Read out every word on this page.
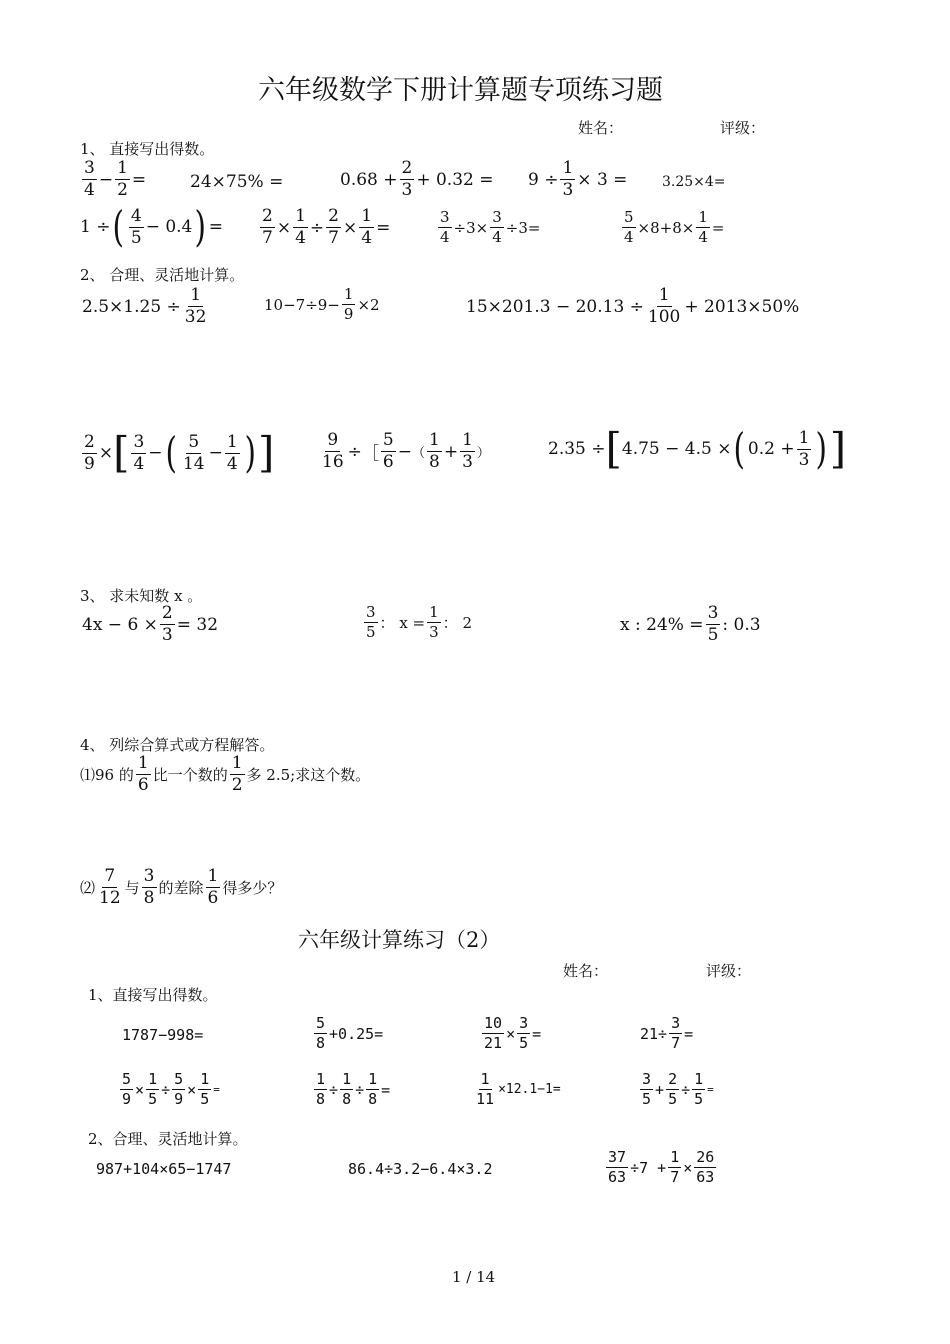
六年级数学下册计算题专项练习题
姓名：	评级：
1、 直接写出得数。
$\frac{3}{4} - \frac{1}{2}$ =	24×75% =	$0.68 + \frac{2}{3} + 0.32 = 9 \div \frac{1}{3} \times 3 = 3.25\times 4=$
1 ÷ ( $\frac{4}{5} - 0.4$ ) = $\frac{2}{7} \times \frac{1}{4} \div \frac{2}{7} \times \frac{1}{4}$ =	$\frac{3}{4} \div 3\times \frac{3}{4} \div 3=$	$\frac{5}{4} \times 8+8\times \frac{1}{4}$ =
2、 合理、灵活地计算。
$2.5\times 1.25 \div \frac{1}{32}$	$10-7\div 9- \frac{1}{9} \times 2$	$15\times 201.3 - 20.13 \div \frac{1}{100} + 2013\times 50\%$
$\frac{2}{9}$ × [ $\frac{3}{4}$ − ( $\frac{5}{14} - \frac{1}{4}$ ) ]	$\frac{9}{16}$ ÷ ［ $\frac{5}{6}$ − （ $\frac{1}{8} + \frac{1}{3}$ ）	2.35 ÷ [ 4.75 − 4.5 × ( $0.2 + \frac{1}{3}$ ) ]
3、 求未知数 x 。
$4x - 6 \times \frac{2}{3} = 32$	$\frac{3}{5}$ ： $x = \frac{1}{3}$ ： 2	x : $24\% = \frac{3}{5}$ : 0.3
4、 列综合算式或方程解答。
⑴96 的 $\frac{1}{6}$ 比一个数的 $\frac{1}{2}$ 多 2.5;求这个数。
⑵ $\frac{7}{12}$ 与 $\frac{3}{8}$ 的差除 $\frac{1}{6}$ 得多少？
六年级计算练习（2）
姓名：	评级：
1、直接写出得数。
1787−998=	$\frac{5}{8} +0.25=$	$\frac{10}{21} \times \frac{3}{5}$ =	$21\div \frac{3}{7}$ =
$\frac{5}{9} \times \frac{1}{5} \div \frac{5}{9} \times \frac{1}{5}$ =	$\frac{1}{8} \div \frac{1}{8} \div \frac{1}{8}$ =	$\frac{1}{11} \times 12.1-1=$	$\frac{3}{5} + \frac{2}{5} \div \frac{1}{5}$ =
2、合理、灵活地计算。
987+104×65−1747	86.4÷3.2−6.4×3.2	$\frac{37}{63} \div 7 + \frac{1}{7} \times \frac{26}{63}$
1 / 14
